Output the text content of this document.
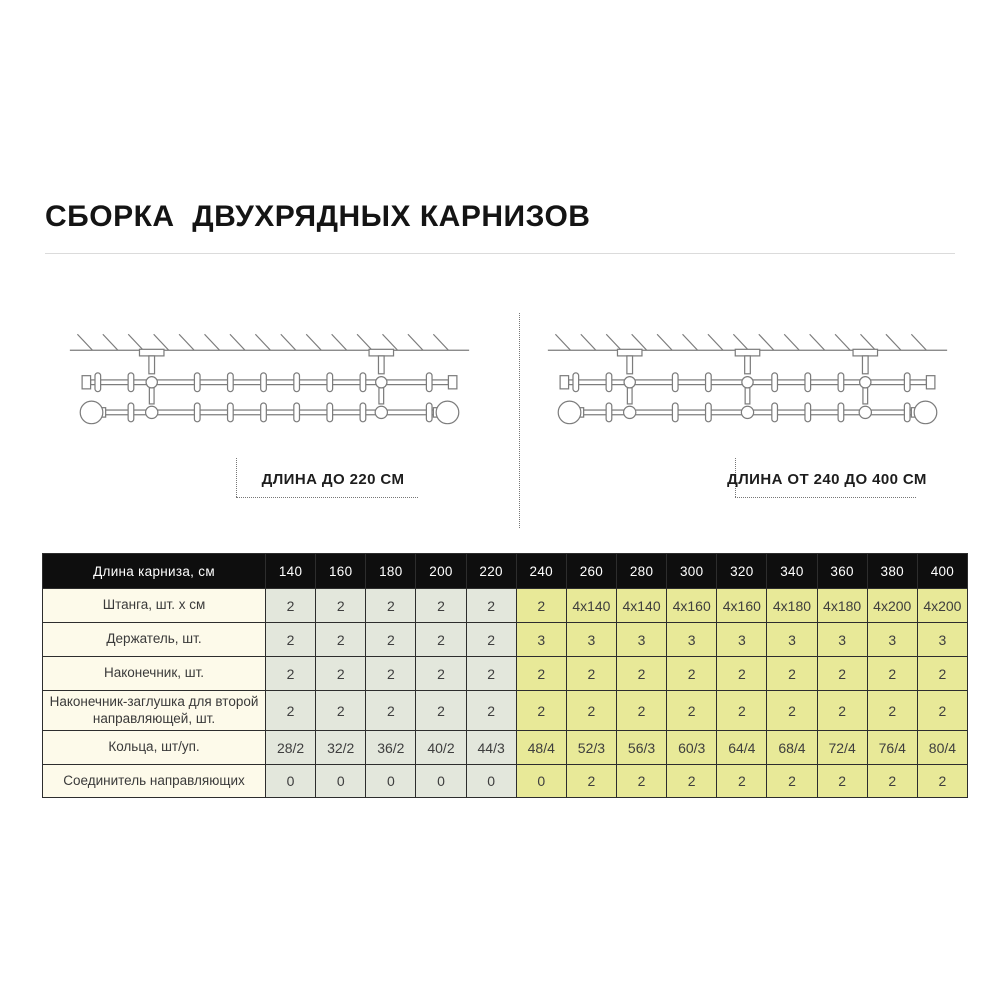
СБОРКА  ДВУХРЯДНЫХ КАРНИЗОВ
ДЛИНА ДО 220 СМ	ДЛИНА ОТ 240 ДО 400 СМ
Длина карниза, см	140	160	180	200	220	240	260	280	300	320	340	360	380	400
Штанга, шт. х см	2	2	2	2	2	2	4x140	4x140	4x160	4x160	4x180	4x180	4x200	4x200
Держатель, шт.	2	2	2	2	2	3	3	3	3	3	3	3	3	3
Наконечник, шт.	2	2	2	2	2	2	2	2	2	2	2	2	2	2
Наконечник-заглушка для второй направляющей, шт.	2	2	2	2	2	2	2	2	2	2	2	2	2	2
Кольца, шт/уп.	28/2	32/2	36/2	40/2	44/3	48/4	52/3	56/3	60/3	64/4	68/4	72/4	76/4	80/4
Соединитель направляющих	0	0	0	0	0	0	2	2	2	2	2	2	2	2
